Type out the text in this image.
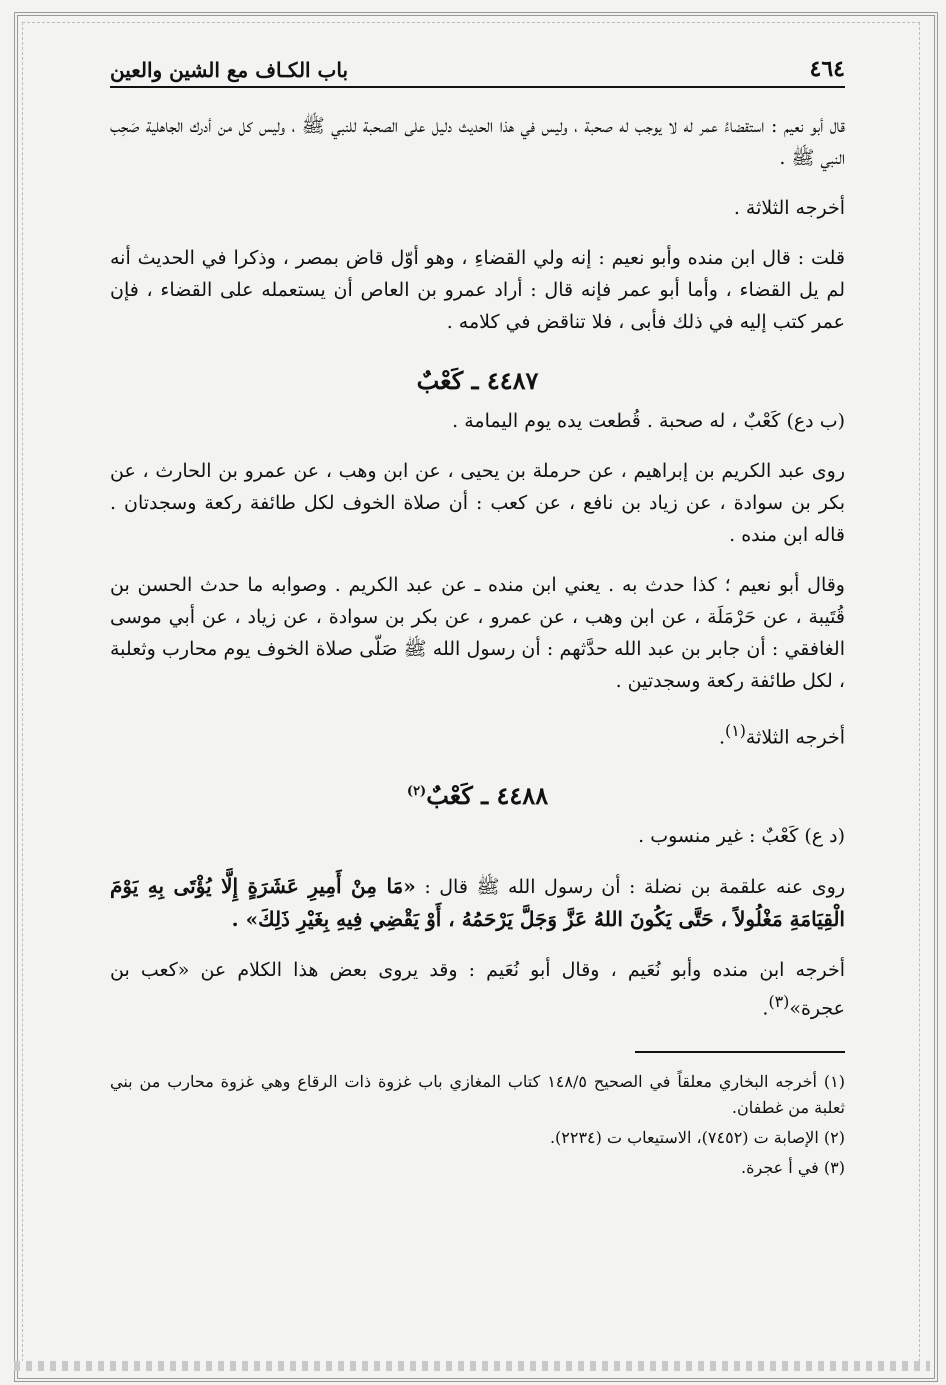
٤٦٤
باب الكـاف مع الشين والعين

قال أبو نعيم : استقضاءُ عمر له لا يوجب له صحبة ، وليس في هذا الحديث دليل على الصحبة للنبي ﷺ ، وليس كل من أدرك الجاهلية صَحِب النبي ﷺ .

أخرجه الثلاثة .

قلت : قال ابن منده وأبو نعيم : إنه ولي القضاءِ ، وهو أوّل قاض بمصر ، وذكرا في الحديث أنه لم يل القضاء ، وأما أبو عمر فإنه قال : أراد عمرو بن العاص أن يستعمله على القضاء ، فإن عمر كتب إليه في ذلك فأبى ، فلا تناقض في كلامه .

٤٤٨٧ ـ كَعْبٌ

(ب دع) كَعْبٌ ، له صحبة . قُطعت يده يوم اليمامة .

روى عبد الكريم بن إبراهيم ، عن حرملة بن يحيى ، عن ابن وهب ، عن عمرو بن الحارث ، عن بكر بن سوادة ، عن زياد بن نافع ، عن كعب : أن صلاة الخوف لكل طائفة ركعة وسجدتان . قاله ابن منده .

وقال أبو نعيم ؛ كذا حدث به . يعني ابن منده ـ عن عبد الكريم . وصوابه ما حدث الحسن بن قُتَيبة ، عن حَرْمَلَة ، عن ابن وهب ، عن عمرو ، عن بكر بن سوادة ، عن زياد ، عن أبي موسى الغافقي : أن جابر بن عبد الله حدَّثهم : أن رسول الله ﷺ صَلّى صلاة الخوف يوم محارب وثعلبة ، لكل طائفة ركعة وسجدتين .

أخرجه الثلاثة$^{(١)}$.

٤٤٨٨ ـ كَعْبٌ$^{(٢)}$

(د ع) كَعْبٌ : غير منسوب .

روى عنه علقمة بن نضلة : أن رسول الله ﷺ قال : «مَا مِنْ أَمِيرِ عَشَرَةٍ إِلَّا يُؤْتَى بِهِ يَوْمَ الْقِيَامَةِ مَغْلُولاً ، حَتَّى يَكُونَ اللهُ عَزَّ وَجَلَّ يَرْحَمُهُ ، أَوْ يَقْضِي فِيهِ بِغَيْرِ ذَلِكَ» .

أخرجه ابن منده وأبو نُعَيم ، وقال أبو نُعَيم : وقد يروى بعض هذا الكلام عن «كعب بن عجرة»$^{(٣)}$.

(١) أخرجه البخاري معلقاً في الصحيح ١٤٨/٥ كتاب المغازي باب غزوة ذات الرقاع وهي غزوة محارب من بني ثعلبة من غطفان.

(٢) الإصابة ت (٧٤٥٢)، الاستيعاب ت (٢٢٣٤).

(٣) في أ عجرة.
